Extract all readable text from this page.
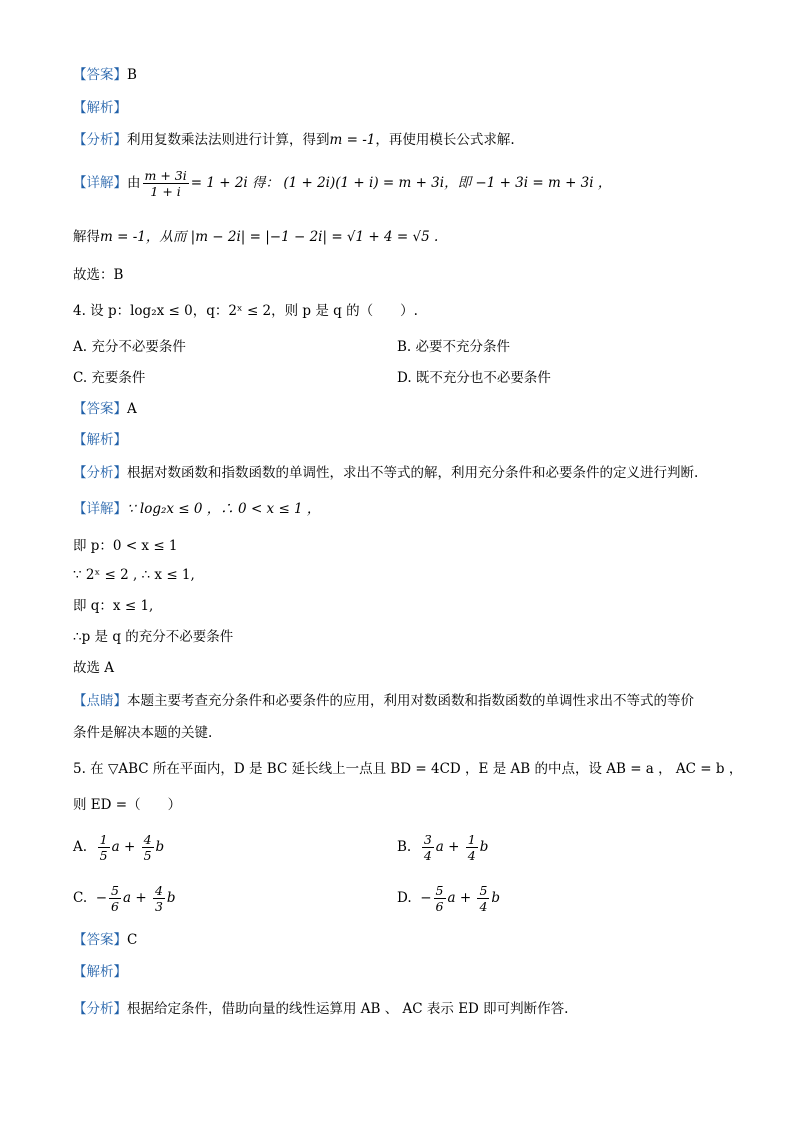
【答案】B
【解析】
【分析】利用复数乘法法则进行计算，得到m = -1，再使用模长公式求解.
【详解】由 $\frac{m + 3i}{1 + i} = 1 + 2i$ 得： (1 + 2i)(1 + i) = m + 3i，即 −1 + 3i = m + 3i ，
解得m = -1，从而 |m − 2i| = |−1 − 2i| = √1 + 4 = √5 .
故选：B
4. 设 p：log₂x ≤ 0，q：2ˣ ≤ 2，则 p 是 q 的（　　）.
A. 充分不必要条件	B. 必要不充分条件
C. 充要条件	D. 既不充分也不必要条件
【答案】A
【解析】
【分析】根据对数函数和指数函数的单调性，求出不等式的解，利用充分条件和必要条件的定义进行判断.
【详解】∵ log₂x ≤ 0 ，∴ 0 < x ≤ 1 ，
即 p：0 < x ≤ 1
∵ 2ˣ ≤ 2 , ∴ x ≤ 1,
即 q：x ≤ 1,
∴p 是 q 的充分不必要条件
故选 A
【点睛】本题主要考查充分条件和必要条件的应用，利用对数函数和指数函数的单调性求出不等式的等价
条件是解决本题的关键.
5. 在 ▽ABC 所在平面内，D 是 BC 延长线上一点且 BD = 4CD ，E 是 AB 的中点，设 AB = a ， AC = b ，
则 ED =（　　）
A. $\frac{1}{5}$ $a + \frac{4}{5}$ b	B. $\frac{3}{4}$ $a + \frac{1}{4}$ b
C. − $\frac{5}{6}$ $a + \frac{4}{3}$ b	D. − $\frac{5}{6}$ $a + \frac{5}{4}$ b
【答案】C
【解析】
【分析】根据给定条件，借助向量的线性运算用 AB 、 AC 表示 ED 即可判断作答.
